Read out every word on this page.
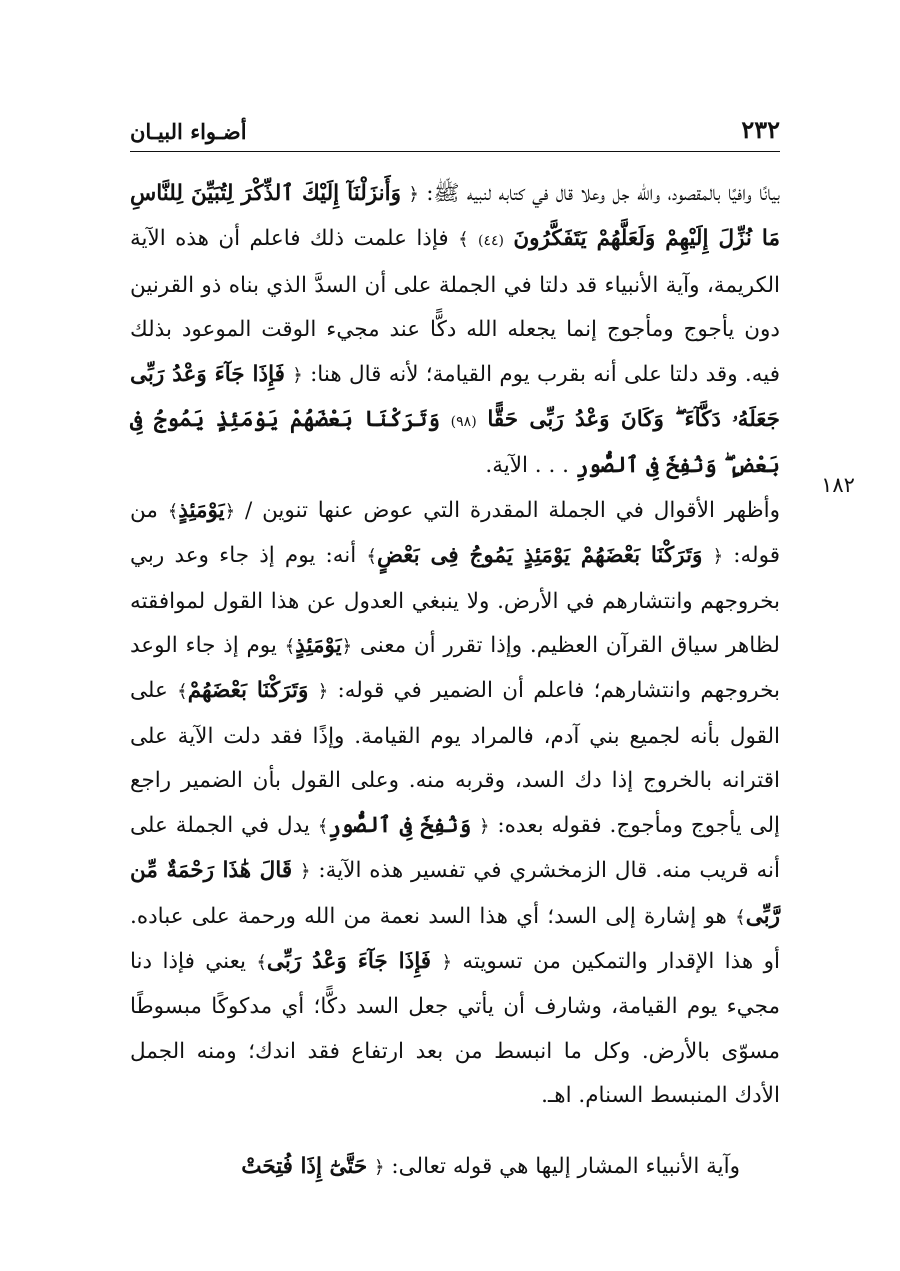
٢٣٢
أضـواء البيـان
١٨٢

بيانًا وافيًا بالمقصود، والله جل وعلا قال في كتابه لنبيه ﷺ: ﴿ وَأَنزَلْنَآ إِلَيْكَ ٱلذِّكْرَ لِتُبَيِّنَ لِلنَّاسِ مَا نُزِّلَ إِلَيْهِمْ وَلَعَلَّهُمْ يَتَفَكَّرُونَ (٤٤) ﴾ فإذا علمت ذلك فاعلم أن هذه الآية الكريمة، وآية الأنبياء قد دلتا في الجملة على أن السدَّ الذي بناه ذو القرنين دون يأجوج ومأجوج إنما يجعله الله دكًّا عند مجيء الوقت الموعود بذلك فيه. وقد دلتا على أنه بقرب يوم القيامة؛ لأنه قال هنا: ﴿ فَإِذَا جَآءَ وَعْدُ رَبِّى جَعَلَهُۥ دَكَّآءَ ۖ وَكَانَ وَعْدُ رَبِّى حَقًّا (٩٨) وَتَرَكْنَا بَعْضَهُمْ يَوْمَئِذٍ يَمُوجُ فِى بَعْضٍ ۖ وَنُفِخَ فِى ٱلصُّورِ . . . الآية.

وأظهر الأقوال في الجملة المقدرة التي عوض عنها تنوين / ﴿يَوْمَئِذٍ﴾ من قوله: ﴿ وَتَرَكْنَا بَعْضَهُمْ يَوْمَئِذٍ يَمُوجُ فِى بَعْضٍ﴾ أنه: يوم إذ جاء وعد ربي بخروجهم وانتشارهم في الأرض. ولا ينبغي العدول عن هذا القول لموافقته لظاهر سياق القرآن العظيم. وإذا تقرر أن معنى ﴿يَوْمَئِذٍ﴾ يوم إذ جاء الوعد بخروجهم وانتشارهم؛ فاعلم أن الضمير في قوله: ﴿ وَتَرَكْنَا بَعْضَهُمْ﴾ على القول بأنه لجميع بني آدم، فالمراد يوم القيامة. وإذًا فقد دلت الآية على اقترانه بالخروج إذا دك السد، وقربه منه. وعلى القول بأن الضمير راجع إلى يأجوج ومأجوج. فقوله بعده: ﴿ وَنُفِخَ فِى ٱلصُّورِ﴾ يدل في الجملة على أنه قريب منه. قال الزمخشري في تفسير هذه الآية: ﴿ قَالَ هَٰذَا رَحْمَةٌ مِّن رَّبِّى﴾ هو إشارة إلى السد؛ أي هذا السد نعمة من الله ورحمة على عباده. أو هذا الإقدار والتمكين من تسويته ﴿ فَإِذَا جَآءَ وَعْدُ رَبِّى﴾ يعني فإذا دنا مجيء يوم القيامة، وشارف أن يأتي جعل السد دكًّا؛ أي مدكوكًا مبسوطًا مسوّى بالأرض. وكل ما انبسط من بعد ارتفاع فقد اندك؛ ومنه الجمل الأدك المنبسط السنام. اهـ.

وآية الأنبياء المشار إليها هي قوله تعالى: ﴿ حَتَّىٰٓ إِذَا فُتِحَتْ
